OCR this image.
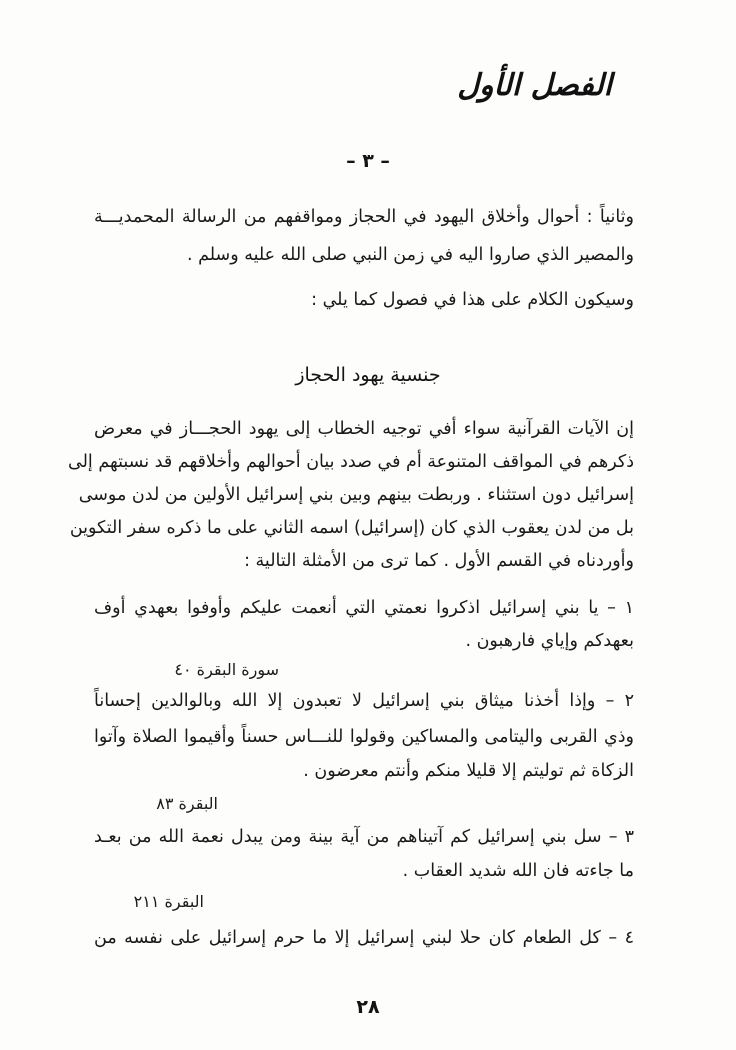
الفصل الأول
– ٣ –
وثانياً : أحوال وأخلاق اليهود في الحجاز ومواقفهم من الرسالة المحمديـــة
والمصير الذي صاروا اليه في زمن النبي صلى الله عليه وسلم .
وسيكون الكلام على هذا في فصول كما يلي :
جنسية يهود الحجاز
إن الآيات القرآنية سواء أفي توجيه الخطاب إلى يهود الحجـــاز في معرض
ذكرهم في المواقف المتنوعة أم في صدد بيان أحوالهم وأخلاقهم قد نسبتهم إلى
إسرائيل دون استثناء . وربطت بينهم وبين بني إسرائيل الأولين من لدن موسى
بل من لدن يعقوب الذي كان (إسرائيل) اسمه الثاني على ما ذكره سفر التكوين
وأوردناه في القسم الأول . كما ترى من الأمثلة التالية :
١ – يا بني إسرائيل اذكروا نعمتي التي أنعمت عليكم وأوفوا بعهدي أوف
بعهدكم وإياي فارهبون .
سورة البقرة ٤٠
٢ – وإذا أخذنا ميثاق بني إسرائيل لا تعبدون إلا الله وبالوالدين إحساناً
وذي القربى واليتامى والمساكين وقولوا للنـــاس حسناً وأقيموا الصلاة وآتوا
الزكاة ثم توليتم إلا قليلا منكم وأنتم معرضون .
البقرة ٨٣
٣ – سل بني إسرائيل كم آتيناهم من آية بينة ومن يبدل نعمة الله من بعـد
ما جاءته فان الله شديد العقاب .
البقرة ٢١١
٤ – كل الطعام كان حلا لبني إسرائيل إلا ما حرم إسرائيل على نفسه من
٢٨
